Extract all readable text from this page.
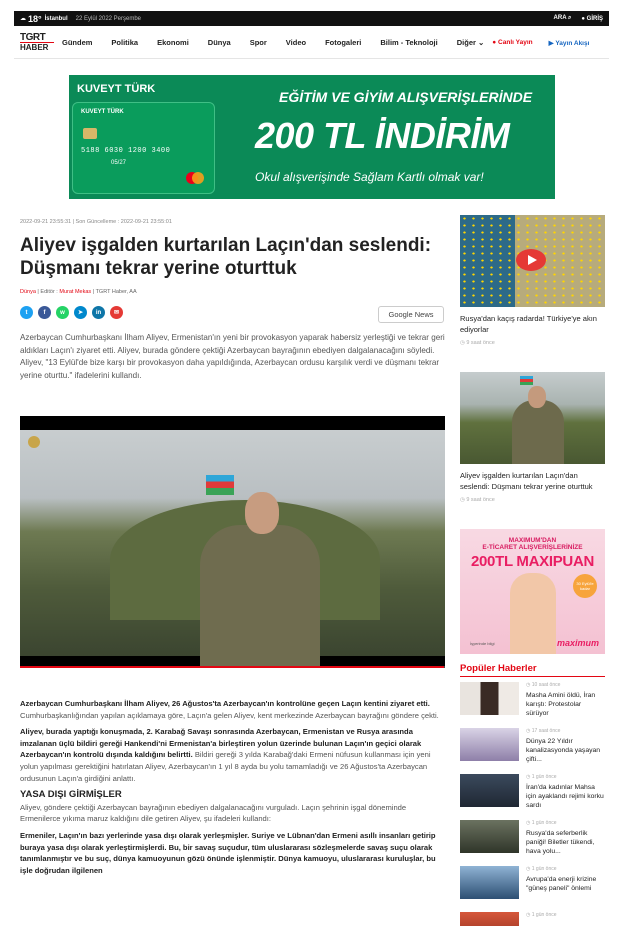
☁ 18° İstanbul 22 Eylül 2022 Perşembe	ARA ⌕ ● GİRİŞ
TGRT
HABER	Gündem	Politika	Ekonomi	Dünya	Spor	Video	Fotogaleri	Bilim - Teknoloji	Diğer ⌄ ● Canlı Yayın ▶ Yayın Akışı
KUVEYT TÜRK
KUVEYT TÜRK
5188 6030 1200 3400
05/27
EĞİTİM VE GİYİM ALIŞVERİŞLERİNDE
200 TL İNDİRİM
Okul alışverişinde Sağlam Kartlı olmak var!
2022-09-21 23:55:31 | Son Güncelleme : 2022-09-21 23:55:01
Aliyev işgalden kurtarılan Laçın'dan seslendi: Düşmanı tekrar yerine oturttuk
Dünya | Editör : Murat Mekas | TGRT Haber, AA
t	f	w	➤	in	✉	Google News

Azerbaycan Cumhurbaşkanı İlham Aliyev, Ermenistan'ın yeni bir provokasyon yaparak habersiz yerleştiği ve tekrar geri aldıkları Laçın'ı ziyaret etti. Aliyev, burada göndere çektiği Azerbaycan bayrağının ebediyen dalgalanacağını söyledi. Aliyev, "13 Eylül'de bize karşı bir provokasyon daha yapıldığında, Azerbaycan ordusu karşılık verdi ve düşmanı tekrar yerine oturttu." ifadelerini kullandı.

Azerbaycan Cumhurbaşkanı İlham Aliyev, 26 Ağustos'ta Azerbaycan'ın kontrolüne geçen Laçın kentini ziyaret etti. Cumhurbaşkanlığından yapılan açıklamaya göre, Laçın'a gelen Aliyev, kent merkezinde Azerbaycan bayrağını göndere çekti.

Aliyev, burada yaptığı konuşmada, 2. Karabağ Savaşı sonrasında Azerbaycan, Ermenistan ve Rusya arasında imzalanan üçlü bildiri gereği Hankendi'ni Ermenistan'a birleştiren yolun üzerinde bulunan Laçın'ın geçici olarak Azerbaycan'ın kontrolü dışında kaldığını belirtti. Bildiri gereği 3 yılda Karabağ'daki Ermeni nüfusun kullanması için yeni yolun yapılması gerektiğini hatırlatan Aliyev, Azerbaycan'ın 1 yıl 8 ayda bu yolu tamamladığı ve 26 Ağustos'ta Azerbaycan ordusunun Laçın'a girdiğini anlattı.

YASA DIŞI GİRMİŞLER

Aliyev, göndere çektiği Azerbaycan bayrağının ebediyen dalgalanacağını vurguladı. Laçın şehrinin işgal döneminde Ermenilerce yıkıma maruz kaldığını dile getiren Aliyev, şu ifadeleri kullandı:

Ermeniler, Laçın'ın bazı yerlerinde yasa dışı olarak yerleşmişler. Suriye ve Lübnan'dan Ermeni asıllı insanları getirip buraya yasa dışı olarak yerleştirmişlerdi. Bu, bir savaş suçudur, tüm uluslararası sözleşmelerde savaş suçu olarak tanımlanmıştır ve bu suç, dünya kamuoyunun gözü önünde işlenmiştir. Dünya kamuoyu, uluslararası kuruluşlar, bu işle doğrudan ilgilenen

Rusya'dan kaçış radarda! Türkiye'ye akın ediyorlar
◷ 9 saat önce
Aliyev işgalden kurtarılan Laçın'dan seslendi: Düşmanı tekrar yerine oturttuk
◷ 9 saat önce
MAXIMUM'DAN
E-TİCARET ALIŞVERİŞLERİNİZE
200TL MAXIPUAN
30 Eylül'e kadar
İşyerinde bilgi	maximum
Popüler Haberler
◷ 10 saat önce
Masha Amini öldü, İran karıştı: Protestolar sürüyor
◷ 17 saat önce
Dünya 22 Yıldır kanalizasyonda yaşayan çifti...
◷ 1 gün önce
İran'da kadınlar Mahsa için ayaklandı rejimi korku sardı
◷ 1 gün önce
Rusya'da seferberlik paniği! Biletler tükendi, hava yolu...
◷ 1 gün önce
Avrupa'da enerji krizine "güneş paneli" önlemi
◷ 1 gün önce
